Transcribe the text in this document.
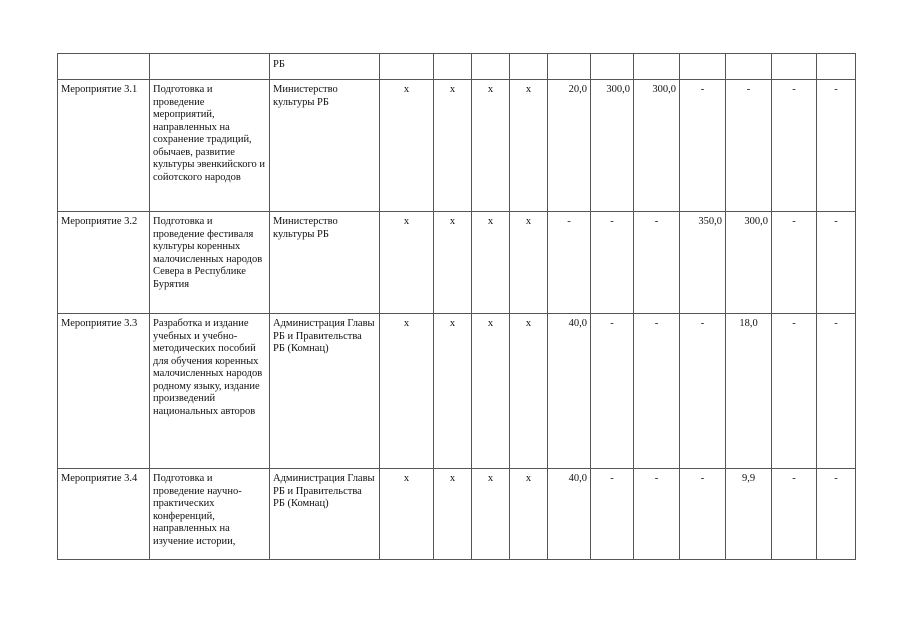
		РБ											
Мероприятие 3.1	Подготовка и проведение мероприятий, направленных на сохранение традиций, обычаев, развитие культуры эвенкийского и сойотского народов	Министерство культуры РБ	х	х	х	х	20,0	300,0	300,0	-	-	-	-
Мероприятие 3.2	Подготовка и проведение фестиваля культуры коренных малочисленных народов Севера в Республике Бурятия	Министерство культуры РБ	х	х	х	х	-	-	-	350,0	300,0	-	-
Мероприятие 3.3	Разработка и издание учебных и учебно-методических пособий для обучения коренных малочисленных народов родному языку, издание произведений национальных авторов	Администрация Главы РБ и Правительства РБ (Комнац)	х	х	х	х	40,0	-	-	-	18,0	-	-
Мероприятие 3.4	Подготовка и проведение научно-практических конференций, направленных на изучение истории,	Администрация Главы РБ и Правительства РБ (Комнац)	х	х	х	х	40,0	-	-	-	9,9	-	-
